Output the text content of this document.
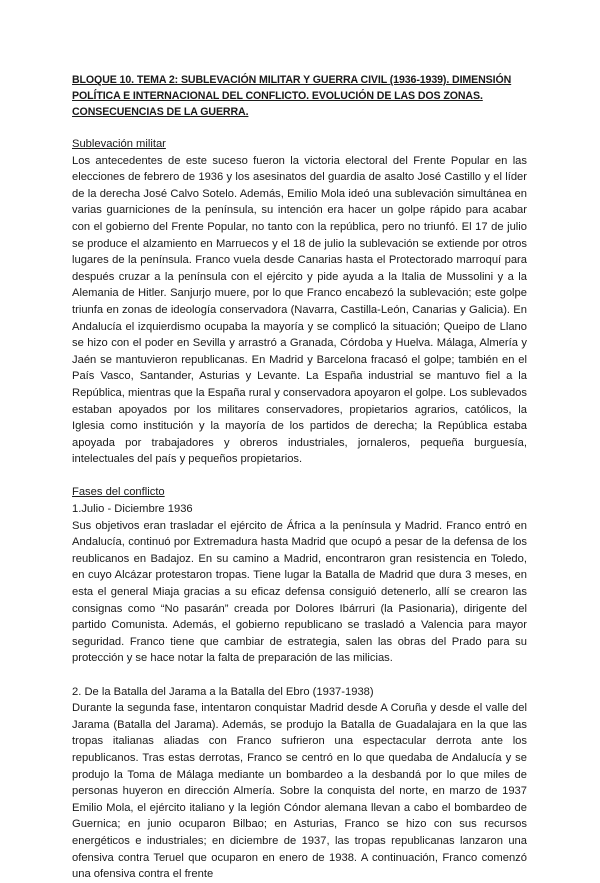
BLOQUE 10. TEMA 2: SUBLEVACIÓN MILITAR Y GUERRA CIVIL (1936-1939). DIMENSIÓN POLÍTICA E INTERNACIONAL DEL CONFLICTO. EVOLUCIÓN DE LAS DOS ZONAS. CONSECUENCIAS DE LA GUERRA.
Sublevación militar

Los antecedentes de este suceso fueron la victoria electoral del Frente Popular en las elecciones de febrero de 1936 y los asesinatos del guardia de asalto José Castillo y el líder de la derecha José Calvo Sotelo. Además, Emilio Mola ideó una sublevación simultánea en varias guarniciones de la península, su intención era hacer un golpe rápido para acabar con el gobierno del Frente Popular, no tanto con la república, pero no triunfó. El 17 de julio se produce el alzamiento en Marruecos y el 18 de julio la sublevación se extiende por otros lugares de la península. Franco vuela desde Canarias hasta el Protectorado marroquí para después cruzar a la península con el ejército y pide ayuda a la Italia de Mussolini y a la Alemania de Hitler. Sanjurjo muere, por lo que Franco encabezó la sublevación; este golpe triunfa en zonas de ideología conservadora (Navarra, Castilla-León, Canarias y Galicia). En Andalucía el izquierdismo ocupaba la mayoría y se complicó la situación; Queipo de Llano se hizo con el poder en Sevilla y arrastró a Granada, Córdoba y Huelva. Málaga, Almería y Jaén se mantuvieron republicanas. En Madrid y Barcelona fracasó el golpe; también en el País Vasco, Santander, Asturias y Levante. La España industrial se mantuvo fiel a la República, mientras que la España rural y conservadora apoyaron el golpe. Los sublevados estaban apoyados por los militares conservadores, propietarios agrarios, católicos, la Iglesia como institución y la mayoría de los partidos de derecha; la República estaba apoyada por trabajadores y obreros industriales, jornaleros, pequeña burguesía, intelectuales del país y pequeños propietarios.

Fases del conflicto
1.Julio - Diciembre 1936

Sus objetivos eran trasladar el ejército de África a la península y Madrid. Franco entró en Andalucía, continuó por Extremadura hasta Madrid que ocupó a pesar de la defensa de los reublicanos en Badajoz. En su camino a Madrid, encontraron gran resistencia en Toledo, en cuyo Alcázar protestaron tropas. Tiene lugar la Batalla de Madrid que dura 3 meses, en esta el general Miaja gracias a su eficaz defensa consiguió detenerlo, allí se crearon las consignas como “No pasarán” creada por Dolores Ibárruri (la Pasionaria), dirigente del partido Comunista. Además, el gobierno republicano se trasladó a Valencia para mayor seguridad. Franco tiene que cambiar de estrategia, salen las obras del Prado para su protección y se hace notar la falta de preparación de las milicias.

2. De la Batalla del Jarama a la Batalla del Ebro (1937-1938)

Durante la segunda fase, intentaron conquistar Madrid desde A Coruña y desde el valle del Jarama (Batalla del Jarama). Además, se produjo la Batalla de Guadalajara en la que las tropas italianas aliadas con Franco sufrieron una espectacular derrota ante los republicanos. Tras estas derrotas, Franco se centró en lo que quedaba de Andalucía y se produjo la Toma de Málaga mediante un bombardeo a la desbandá por lo que miles de personas huyeron en dirección Almería. Sobre la conquista del norte, en marzo de 1937 Emilio Mola, el ejército italiano y la legión Cóndor alemana llevan a cabo el bombardeo de Guernica; en junio ocuparon Bilbao; en Asturias, Franco se hizo con sus recursos energéticos e industriales; en diciembre de 1937, las tropas republicanas lanzaron una ofensiva contra Teruel que ocuparon en enero de 1938. A continuación, Franco comenzó una ofensiva contra el frente
